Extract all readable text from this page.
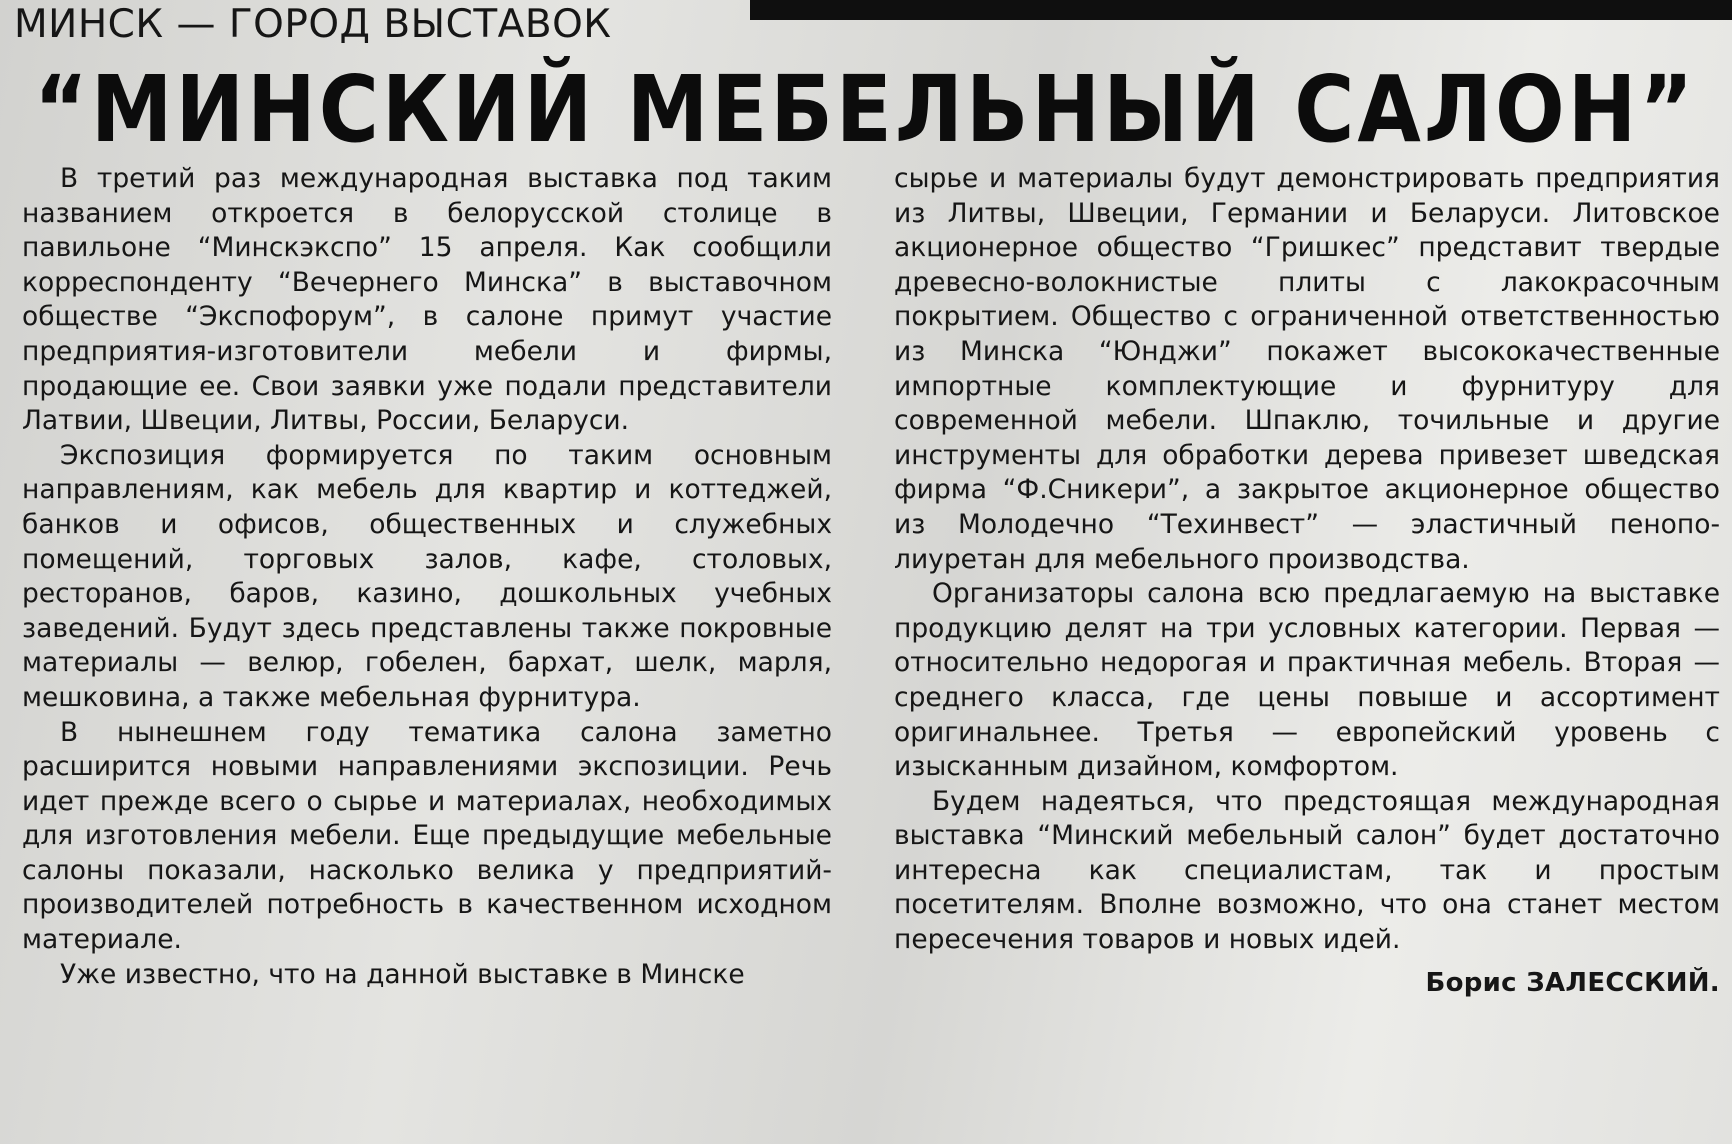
МИНСК — ГОРОД ВЫСТАВОК
“МИНСКИЙ МЕБЕЛЬНЫЙ САЛОН”

В третий раз международная выставка под таким названием откроется в белорусской столице в павильоне “Минскэкспо” 15 апреля. Как сообщили корреспонденту “Вечернего Минска” в выставочном обществе “Экспофорум”, в салоне примут участие предприятия-изготовители мебели и фирмы, продающие ее. Свои заявки уже подали представители Латвии, Швеции, Литвы, России, Беларуси.

Экспозиция формируется по таким основным направлениям, как мебель для квартир и коттеджей, банков и офисов, общественных и служебных помещений, торговых залов, кафе, столовых, ресторанов, баров, казино, дошкольных учебных заведений. Будут здесь представлены также покровные материалы — велюр, гобелен, бархат, шелк, марля, мешковина, а также мебельная фурнитура.

В нынешнем году тематика салона заметно расширится новыми направлениями экспозиции. Речь идет прежде всего о сырье и материалах, необходимых для изготовления мебели. Еще предыдущие мебельные салоны показали, насколько велика у предприятий-производителей потребность в качественном исходном материале.

Уже известно, что на данной выставке в Минске

сырье и материалы будут демонстрировать предприятия из Литвы, Швеции, Германии и Беларуси. Литовское акционерное общество “Гришкес” представит твердые древесно-волокнистые плиты с лакокрасочным покрытием. Общество с ограниченной ответственностью из Минска “Юнджи” покажет высококачественные импортные комплектующие и фурнитуру для современной мебели. Шпаклю, точильные и другие инструменты для обработки дерева привезет шведская фирма “Ф.Сникери”, а закрытое акционерное общество из Молодечно “Техинвест” — эластичный пенополиуретан для мебельного производства.

Организаторы салона всю предлагаемую на выставке продукцию делят на три условных категории. Первая — относительно недорогая и практичная мебель. Вторая — среднего класса, где цены повыше и ассортимент оригинальнее. Третья — европейский уровень с изысканным дизайном, комфортом.

Будем надеяться, что предстоящая международная выставка “Минский мебельный салон” будет достаточно интересна как специалистам, так и простым посетителям. Вполне возможно, что она станет местом пересечения товаров и новых идей.

Борис ЗАЛЕССКИЙ.
